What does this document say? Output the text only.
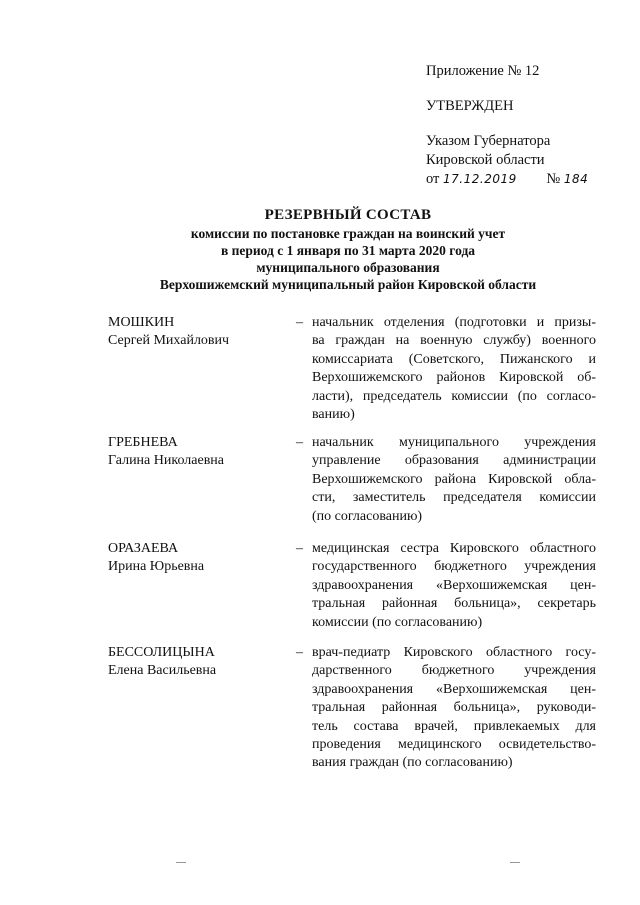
Приложение № 12
УТВЕРЖДЕН
Указом Губернатора
Кировской области
от 17.12.2019 № 184
РЕЗЕРВНЫЙ СОСТАВ
комиссии по постановке граждан на воинский учет
в период с 1 января по 31 марта 2020 года
муниципального образования
Верхошижемский муниципальный район Кировской области
МОШКИН
Сергей Михайлович
– начальник отделения (подготовки и призы-
ва граждан на военную службу) военного
комиссариата (Советского, Пижанского и
Верхошижемского районов Кировской об-
ласти), председатель комиссии (по согласо-
ванию)
ГРЕБНЕВА
Галина Николаевна
– начальник муниципального учреждения
управление образования администрации
Верхошижемского района Кировской обла-
сти, заместитель председателя комиссии
(по согласованию)
ОРАЗАЕВА
Ирина Юрьевна
– медицинская сестра Кировского областного
государственного бюджетного учреждения
здравоохранения «Верхошижемская цен-
тральная районная больница», секретарь
комиссии (по согласованию)
БЕССОЛИЦЫНА
Елена Васильевна
– врач-педиатр Кировского областного госу-
дарственного бюджетного учреждения
здравоохранения «Верхошижемская цен-
тральная районная больница», руководи-
тель состава врачей, привлекаемых для
проведения медицинского освидетельство-
вания граждан (по согласованию)
